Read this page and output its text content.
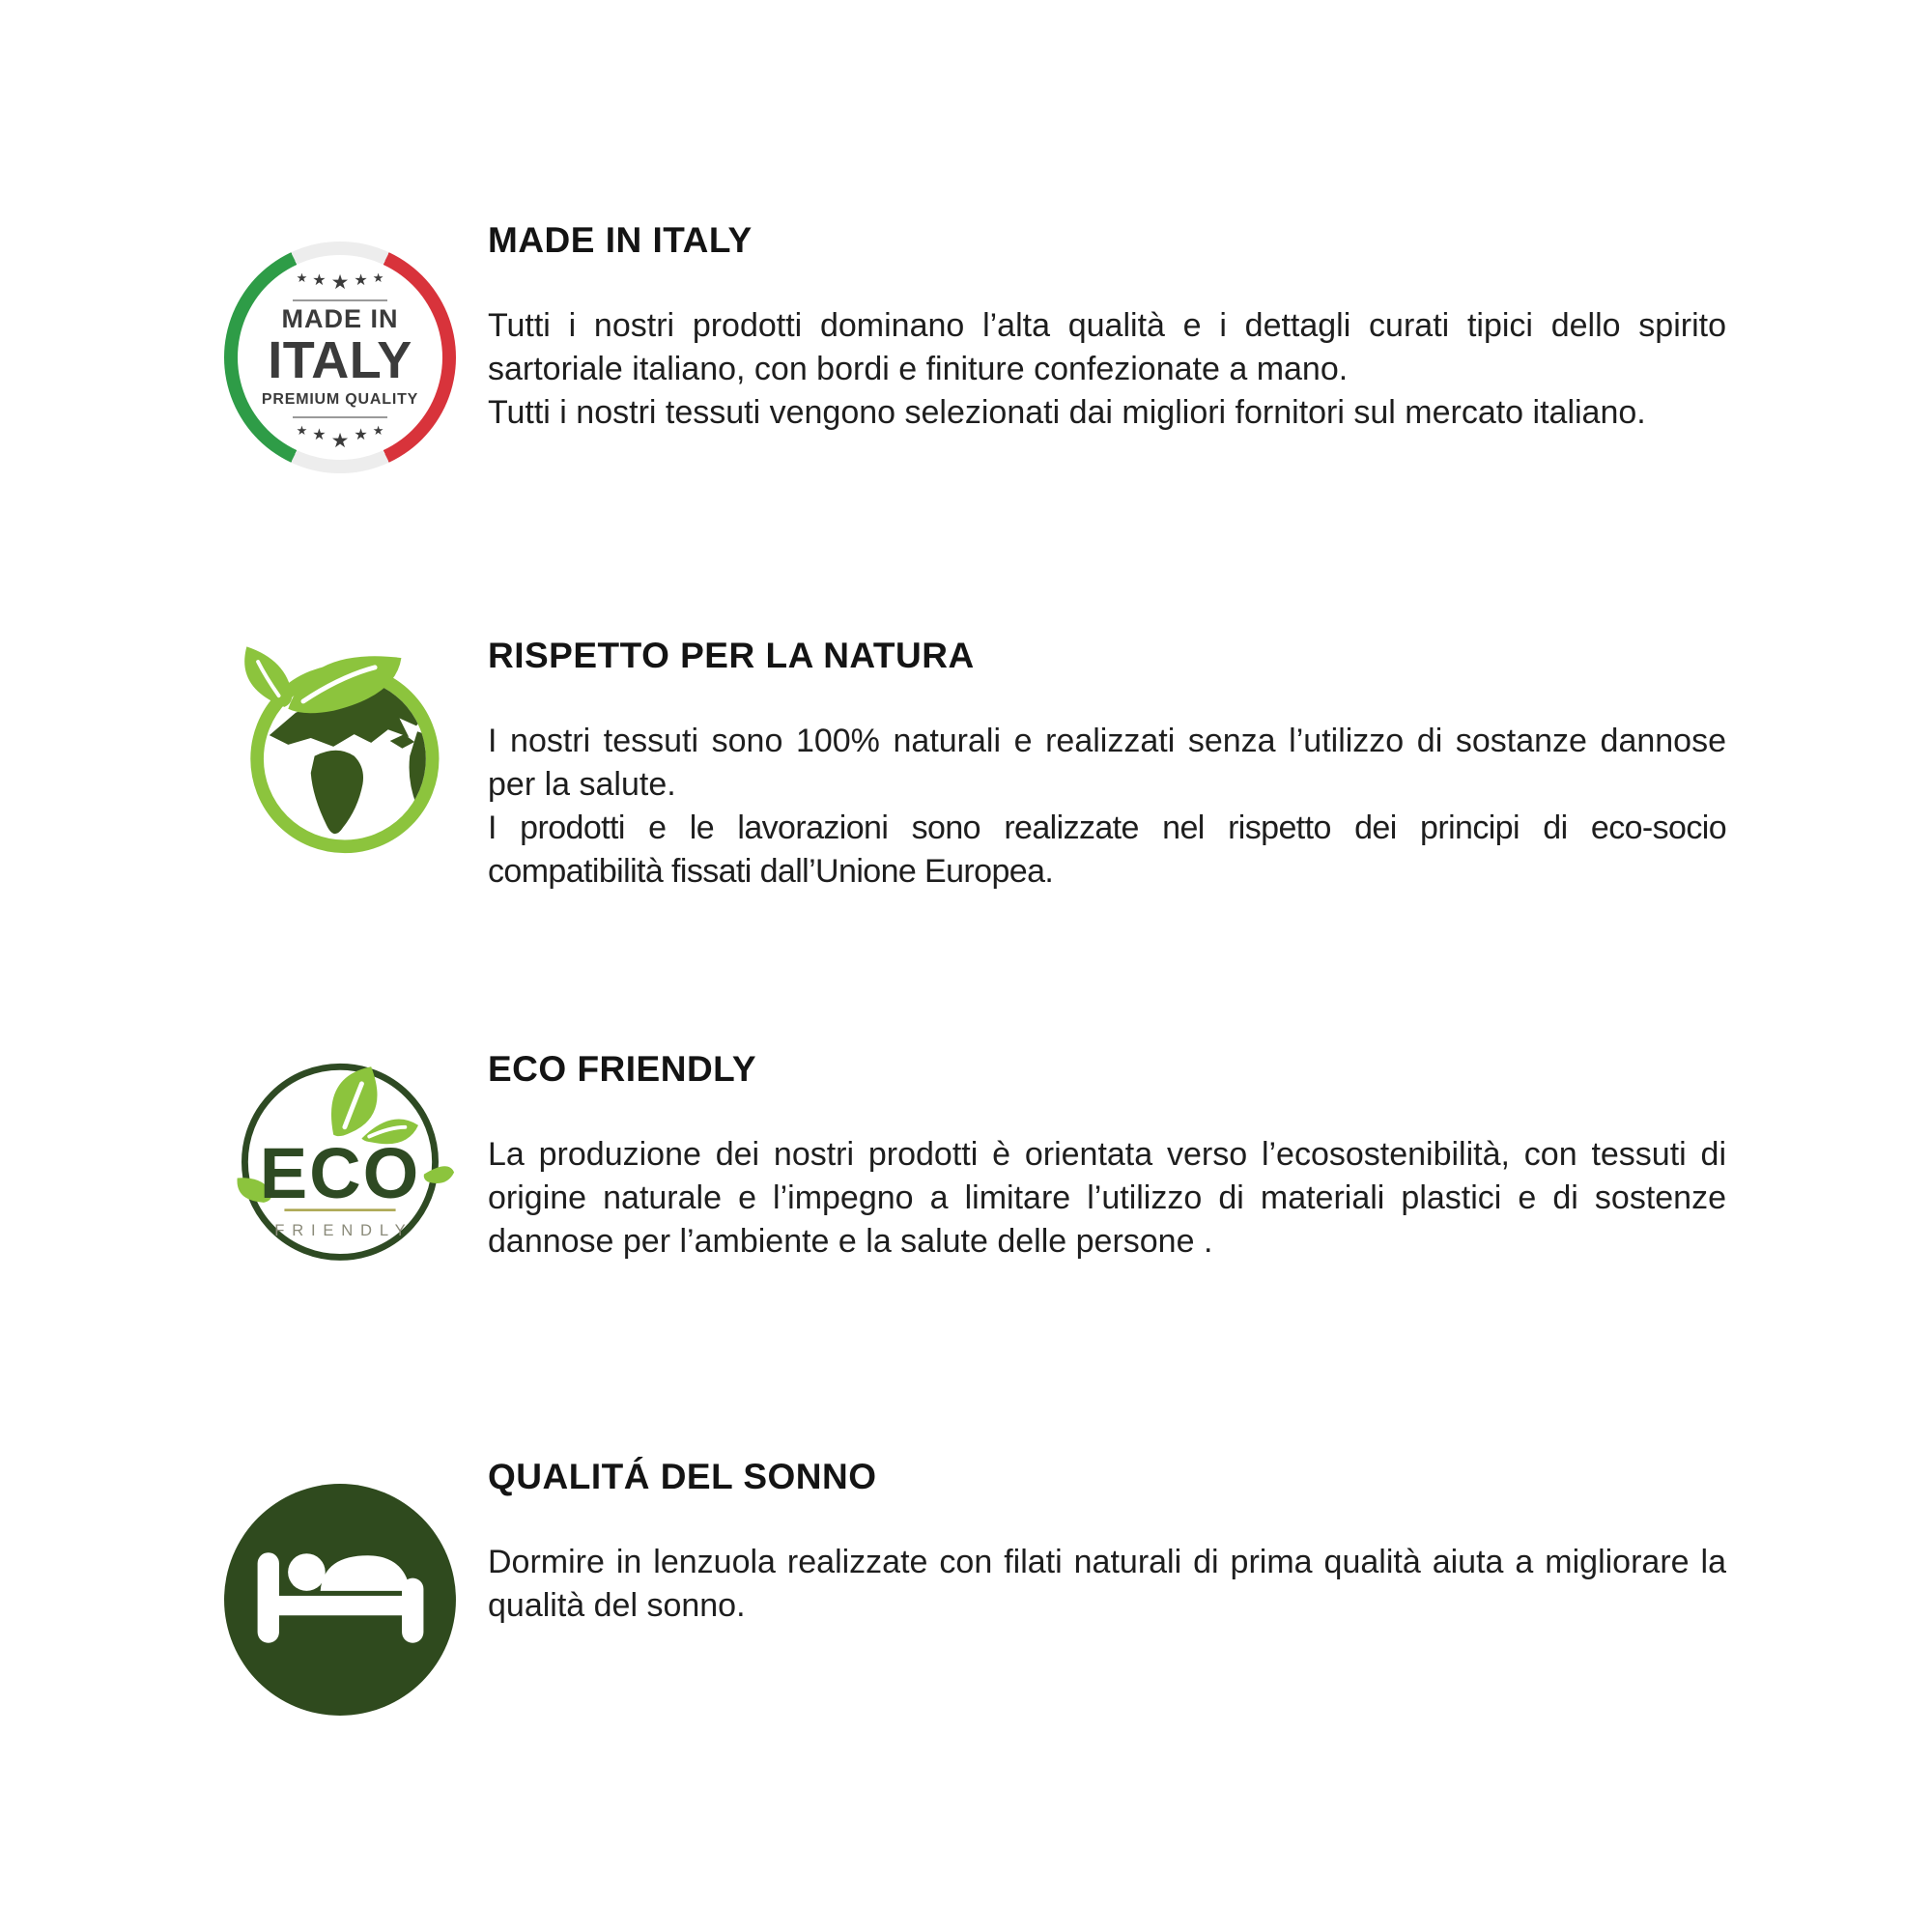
★ ★ ★ ★ ★
MADE IN
ITALY
PREMIUM QUALITY
★ ★ ★ ★ ★
MADE IN ITALY

Tutti i nostri prodotti dominano l’alta qualità e i dettagli curati tipici dello spirito sartoriale italiano, con bordi e finiture confezionate a mano.

Tutti i nostri tessuti vengono selezionati dai migliori fornitori sul mercato italiano.

RISPETTO PER LA NATURA

I nostri tessuti sono 100% naturali e realizzati senza l’utilizzo di sostanze dannose per la salute.

I prodotti e le lavorazioni sono realizzate nel rispetto dei principi di eco-socio compatibilità fissati dall’Unione Europea.

ECO
FRIENDLY
ECO FRIENDLY

La produzione dei nostri prodotti è orientata verso l’ecosostenibilità, con tessuti di origine naturale e l’impegno a limitare l’utilizzo di materiali plastici e di sostenze dannose per l’ambiente e la salute delle persone .

QUALITÁ DEL SONNO

Dormire in lenzuola realizzate con filati naturali di prima qualità aiuta a migliorare la qualità del sonno.
